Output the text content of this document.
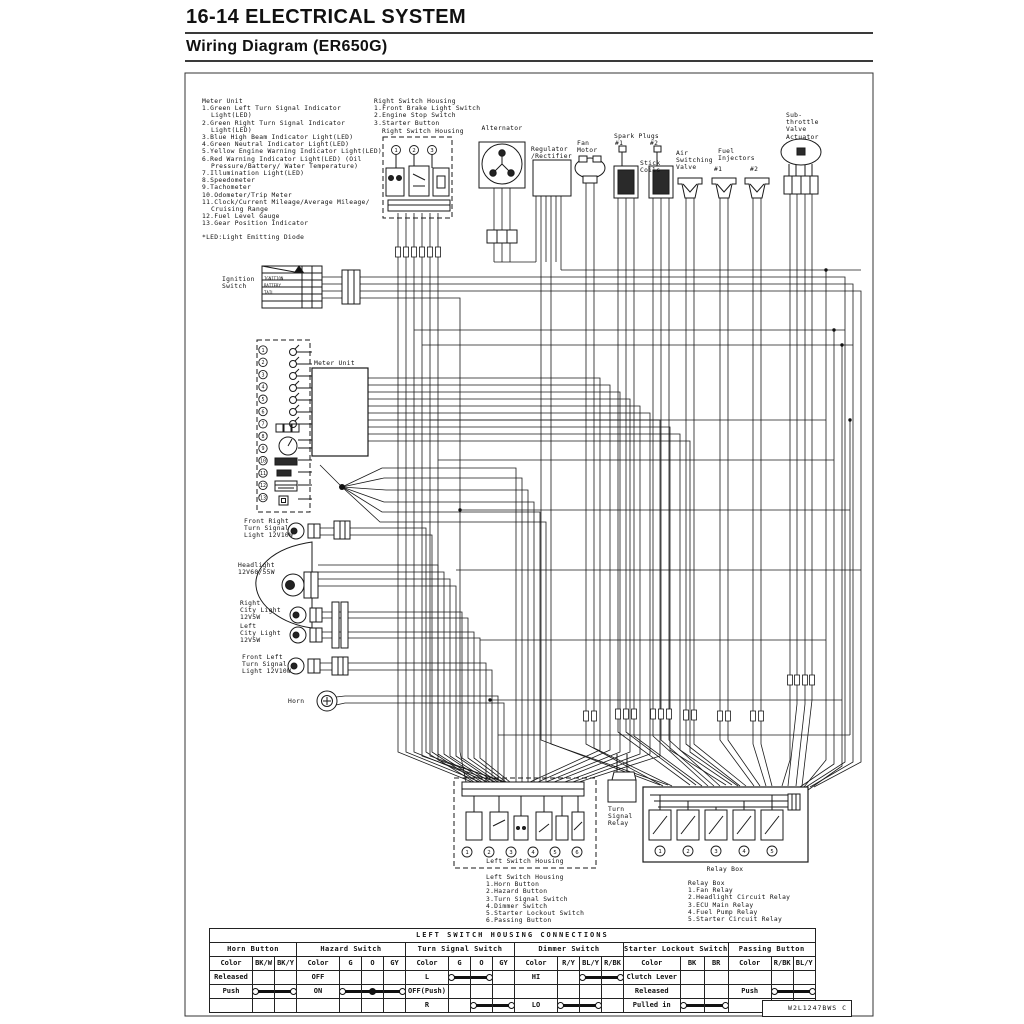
16-14 ELECTRICAL SYSTEM
Wiring Diagram (ER650G)
1
2
3
4
5
6
7
8
9
10
11
12
13
1	2	3
1	2	3	4	5	6	1	2	3	4	5
Meter Unit
1.Green Left Turn Signal Indicator Light(LED)
2.Green Right Turn Signal Indicator Light(LED)
3.Blue High Beam Indicator Light(LED)
4.Green Neutral Indicator Light(LED)
5.Yellow Engine Warning Indicator Light(LED)
6.Red Warning Indicator Light(LED) (Oil Pressure/Battery/ Water Temperature)
7.Illumination Light(LED)
8.Speedometer
9.Tachometer
10.Odometer/Trip Meter
11.Clock/Current Mileage/Average Mileage/ Cruising Range
12.Fuel Level Gauge
13.Gear Position Indicator
*LED:Light Emitting Diode
Right Switch Housing
1.Front Brake Light Switch
2.Engine Stop Switch
3.Starter Button
Right Switch Housing	Alternator
Regulator
/Rectifier
Fan
Motor
Spark Plugs
#1	#2
Stick
Coils
Air
Switching
Valve
Fuel
Injectors
#1	#2
Sub-
throttle
Valve
Actuator
Ignition
Switch
IGNITION
BATTERY
TAIL
Meter Unit
Front Right
Turn Signal
Light 12V10W
Headlight
12V60/55W
Right
City Light
12V5W
Left
City Light
12V5W
Front Left
Turn Signal
Light 12V10W
Horn
Turn
Signal
Relay
Left Switch Housing
Relay Box
Left Switch Housing
1.Horn Button
2.Hazard Button
3.Turn Signal Switch
4.Dimmer Switch
5.Starter Lockout Switch
6.Passing Button
Relay Box
1.Fan Relay
2.Headlight Circuit Relay
3.ECU Main Relay
4.Fuel Pump Relay
5.Starter Circuit Relay
LEFT SWITCH HOUSING CONNECTIONS																				
Horn Button			Hazard Switch				Turn Signal Switch				Dimmer Switch				Starter Lockout Switch			Passing Button		
Color	BK/W	BK/Y	Color	G	O	GY	Color	G	O	GY	Color	R/Y	BL/Y	R/BK	Color	BK	BR	Color	R/BK	BL/Y
Released			OFF				L				HI				Clutch Lever					
Push			ON				OFF(Push)								Released			Push	

							R				LO				Pulled in	

				W2L1247BWS C
